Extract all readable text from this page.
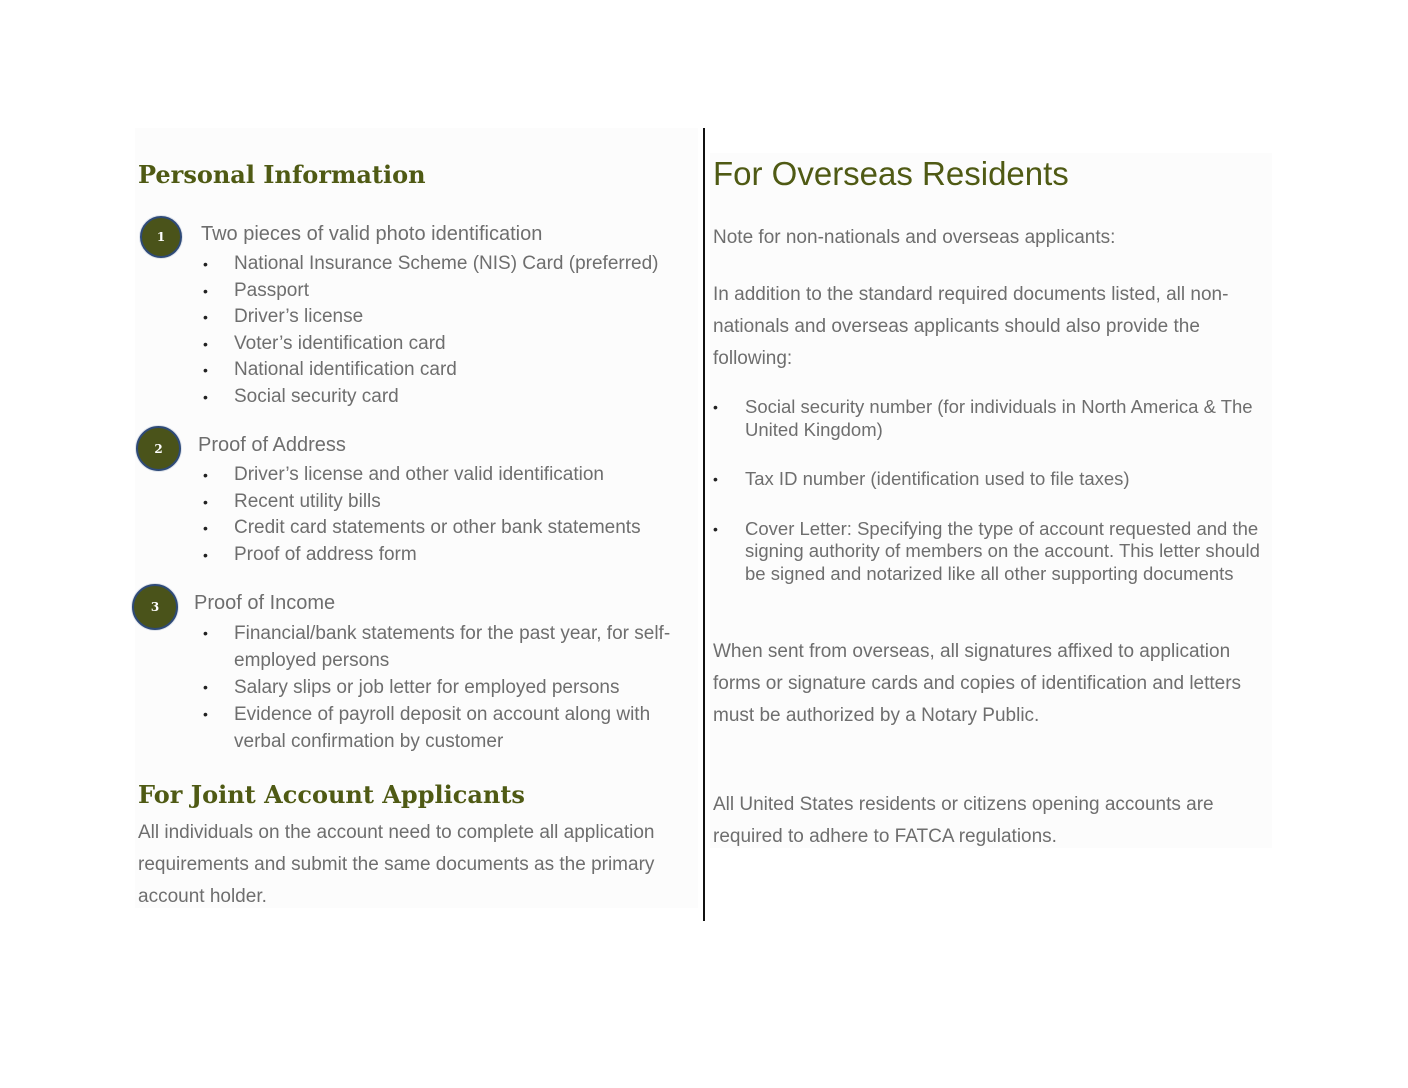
Personal Information
1	Two pieces of valid photo identification
• National Insurance Scheme (NIS) Card (preferred)
• Passport
• Driver’s license
• Voter’s identification card
• National identification card
• Social security card
2	Proof of Address
• Driver’s license and other valid identification
• Recent utility bills
• Credit card statements or other bank statements
• Proof of address form
3	Proof of Income
• Financial/bank statements for the past year, for self-employed persons
• Salary slips or job letter for employed persons
• Evidence of payroll deposit on account along with verbal confirmation by customer
For Joint Account Applicants

All individuals on the account need to complete all application requirements and submit the same documents as the primary account holder.

For Overseas Residents

Note for non-nationals and overseas applicants:

In addition to the standard required documents listed, all non-nationals and overseas applicants should also provide the following:

• Social security number (for individuals in North America & The United Kingdom)
• Tax ID number (identification used to file taxes)
• Cover Letter: Specifying the type of account requested and the signing authority of members on the account. This letter should be signed and notarized like all other supporting documents

When sent from overseas, all signatures affixed to application forms or signature cards and copies of identification and letters must be authorized by a Notary Public.

All United States residents or citizens opening accounts are required to adhere to FATCA regulations.
